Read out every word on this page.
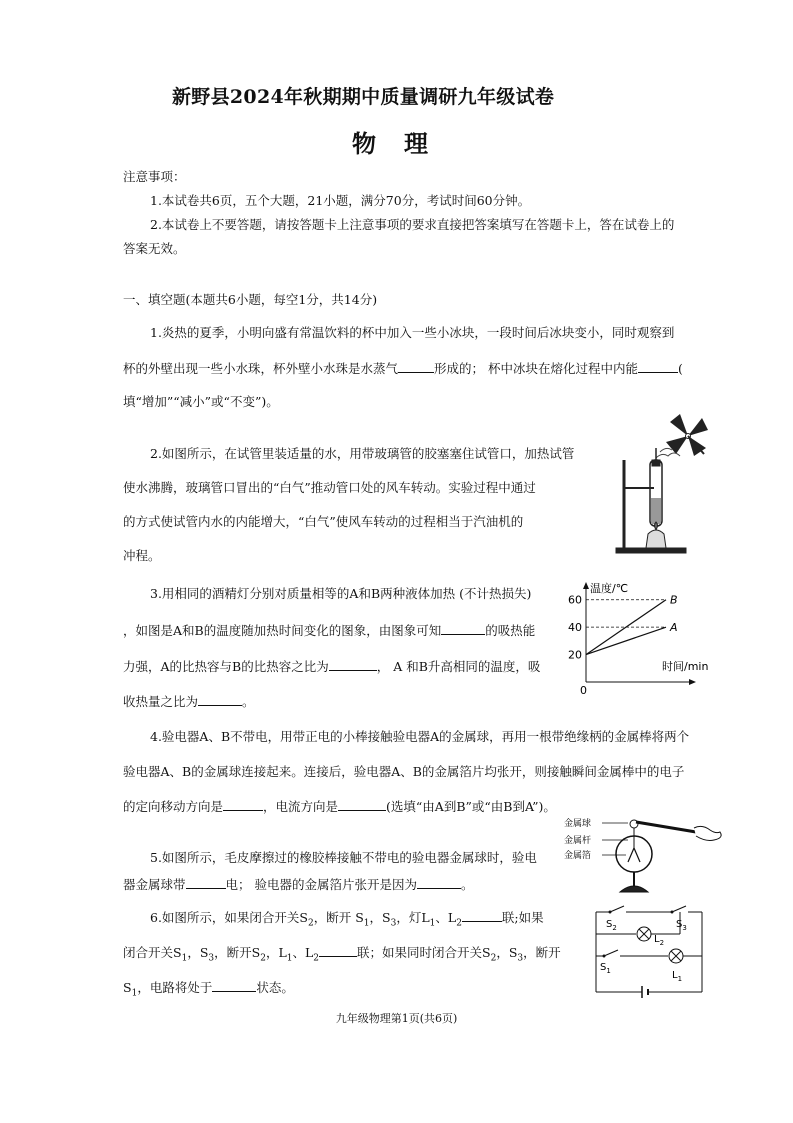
新野县2024年秋期期中质量调研九年级试卷
物理
注意事项：
1.本试卷共6页，五个大题，21小题，满分70分，考试时间60分钟。
2.本试卷上不要答题，请按答题卡上注意事项的要求直接把答案填写在答题卡上，答在试卷上的
答案无效。
一、填空题(本题共6小题，每空1分，共14分)
1.炎热的夏季，小明向盛有常温饮料的杯中加入一些小冰块，一段时间后冰块变小，同时观察到
杯的外壁出现一些小水珠，杯外壁小水珠是水蒸气	形成的； 杯中冰块在熔化过程中内能	(
填“增加”“减小”或“不变”)。
2.如图所示，在试管里装适量的水，用带玻璃管的胶塞塞住试管口，加热试管
使水沸腾，玻璃管口冒出的“白气”推动管口处的风车转动。实验过程中通过
的方式使试管内水的内能增大，“白气”使风车转动的过程相当于汽油机的
冲程。
3.用相同的酒精灯分别对质量相等的A和B两种液体加热 (不计热损失)
，如图是A和B的温度随加热时间变化的图象，由图象可知	的吸热能
力强，A的比热容与B的比热容之比为	， A 和B升高相同的温度，吸
收热量之比为	。
温度/℃
时间/min
0
20
40
60	B
A
4.验电器A、B不带电，用带正电的小棒接触验电器A的金属球，再用一根带绝缘柄的金属棒将两个
验电器A、B的金属球连接起来。连接后，验电器A、B的金属箔片均张开，则接触瞬间金属棒中的电子
的定向移动方向是	，电流方向是	(选填“由A到B”或“由B到A”)。
5.如图所示，毛皮摩擦过的橡胶棒接触不带电的验电器金属球时，验电
器金属球带	电； 验电器的金属箔片张开是因为	。
金属球
金属杆
金属箔
6.如图所示，如果闭合开关$S_2$，断开 $S_1$，$S_3$，灯$L_1$、$L_2$	联;如果
闭合开关$S_1$，$S_3$，断开$S_2$，$L_1$、$L_2$	联；如果同时闭合开关$S_2$，$S_3$，断开
$S_1$，电路将处于	状态。
$S_2$	$S_3$
$L_2$
$S_1$	$L_1$
九年级物理第1页(共6页)
